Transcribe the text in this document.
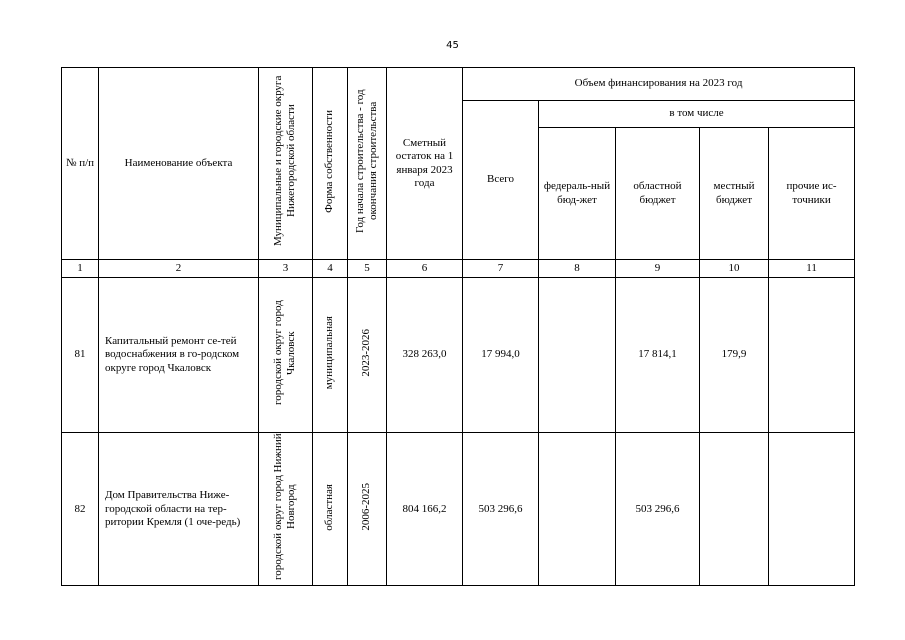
45
№ п/п	Наименование объекта	Муниципальные и городские округа Нижегородской области	Форма собственности	Год начала строительства - год окончания строительства	Сметный остаток на 1 января 2023 года	Объем финансирования на 2023 год				
						Всего	в том числе			
							федераль-ный бюд-жет	областной бюджет	местный бюджет	прочие ис-точники
1	2	3	4	5	6	7	8	9	10	11
81	Капитальный ремонт се-тей водоснабжения в го-родском округе город Чкаловск	городской округ город Чкаловск	муниципальная	2023-2026	328 263,0	17 994,0		17 814,1	179,9	
82	Дом Правительства Ниже-городской области на тер-ритории Кремля (1 оче-редь)	городской округ город Нижний Новгород	областная	2006-2025	804 166,2	503 296,6		503 296,6		
